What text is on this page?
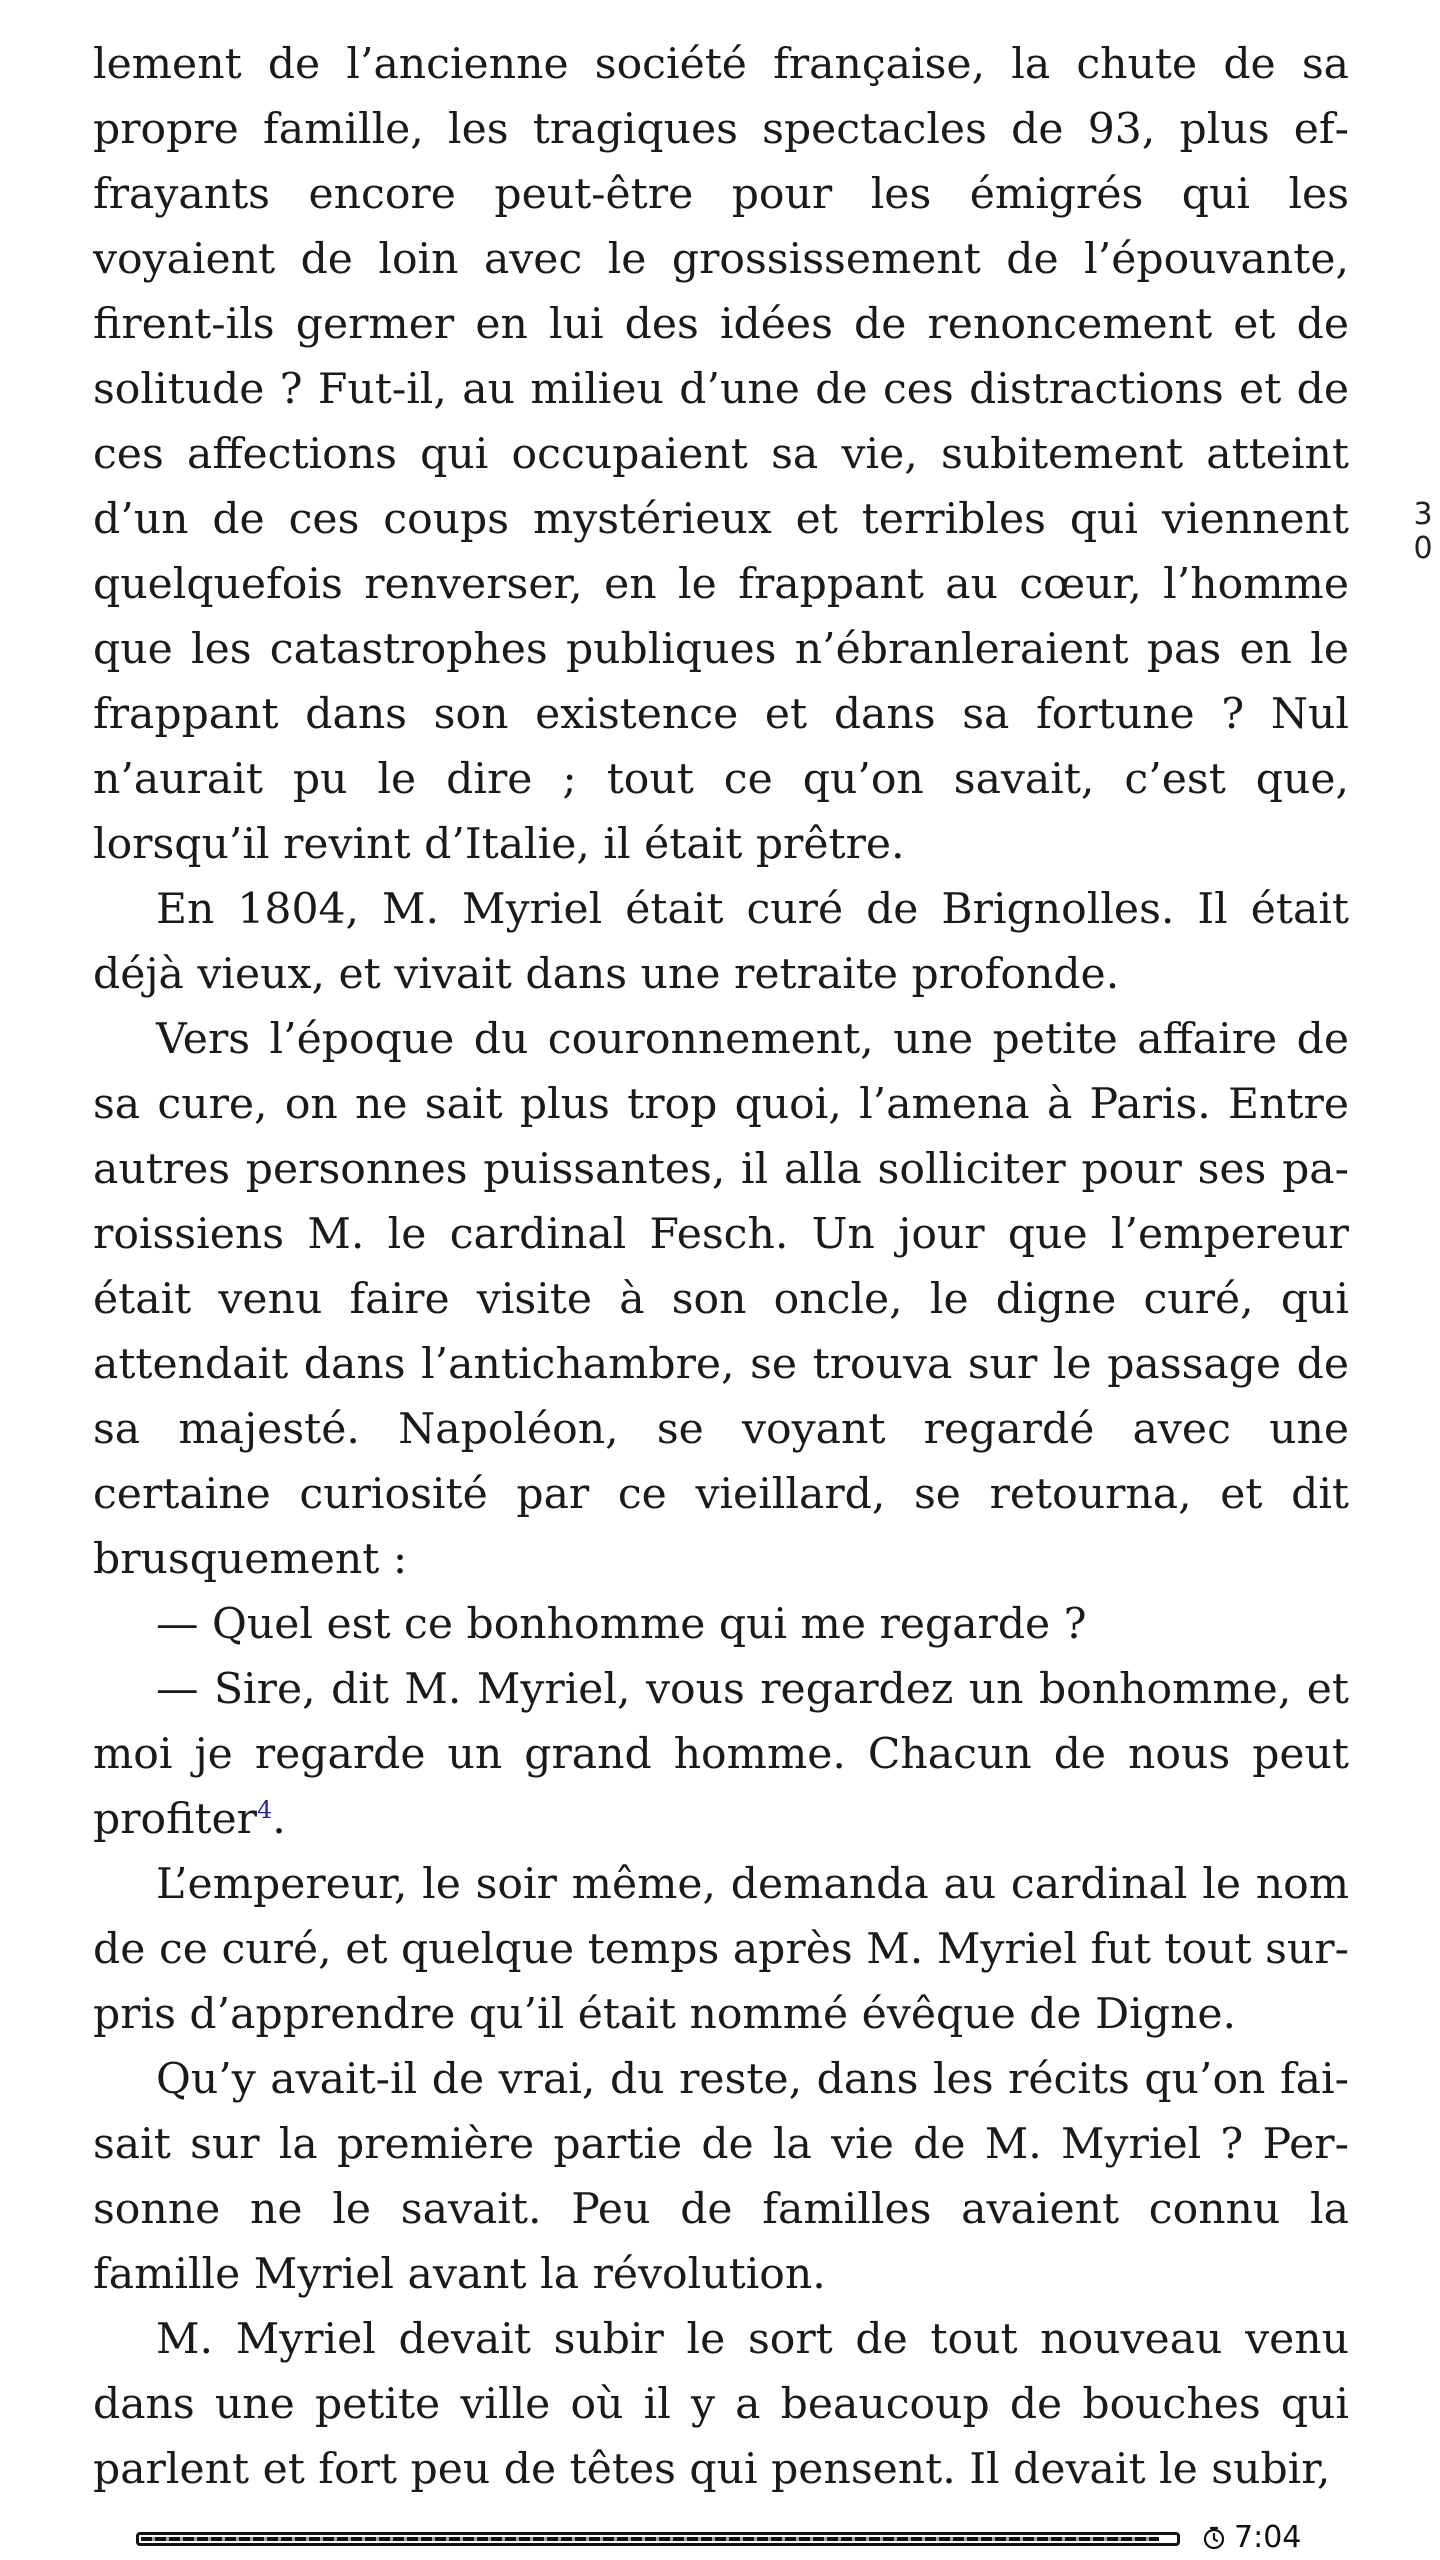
lement de l’ancienne société française, la chute de sa propre famille, les tragiques spectacles de 93, plus effrayants encore peut-être pour les émigrés qui les voyaient de loin avec le grossissement de l’épouvante, firent-ils germer en lui des idées de renoncement et de solitude ? Fut-il, au milieu d’une de ces distractions et de ces affections qui occupaient sa vie, subitement atteint d’un de ces coups mystérieux et terribles qui viennent quelquefois renverser, en le frappant au cœur, l’homme que les catastrophes publiques n’ébranleraient pas en le frappant dans son existence et dans sa fortune ? Nul n’aurait pu le dire ; tout ce qu’on savait, c’est que, lorsqu’il revint d’Italie, il était prêtre.

En 1804, M. Myriel était curé de Brignolles. Il était déjà vieux, et vivait dans une retraite profonde.

Vers l’époque du couronnement, une petite affaire de sa cure, on ne sait plus trop quoi, l’amena à Paris. Entre autres personnes puissantes, il alla solliciter pour ses paroissiens M. le cardinal Fesch. Un jour que l’empereur était venu faire visite à son oncle, le digne curé, qui attendait dans l’antichambre, se trouva sur le passage de sa majesté. Napoléon, se voyant regardé avec une certaine curiosité par ce vieillard, se retourna, et dit brusquement :

— Quel est ce bonhomme qui me regarde ?

— Sire, dit M. Myriel, vous regardez un bonhomme, et moi je regarde un grand homme. Chacun de nous peut profiter$^4$.

L’empereur, le soir même, demanda au cardinal le nom de ce curé, et quelque temps après M. Myriel fut tout surpris d’apprendre qu’il était nommé évêque de Digne.

Qu’y avait-il de vrai, du reste, dans les récits qu’on faisait sur la première partie de la vie de M. Myriel ? Personne ne le savait. Peu de familles avaient connu la famille Myriel avant la révolution.

M. Myriel devait subir le sort de tout nouveau venu dans une petite ville où il y a beaucoup de bouches qui parlent et fort peu de têtes qui pensent. Il devait le subir,

3
0
7:04
